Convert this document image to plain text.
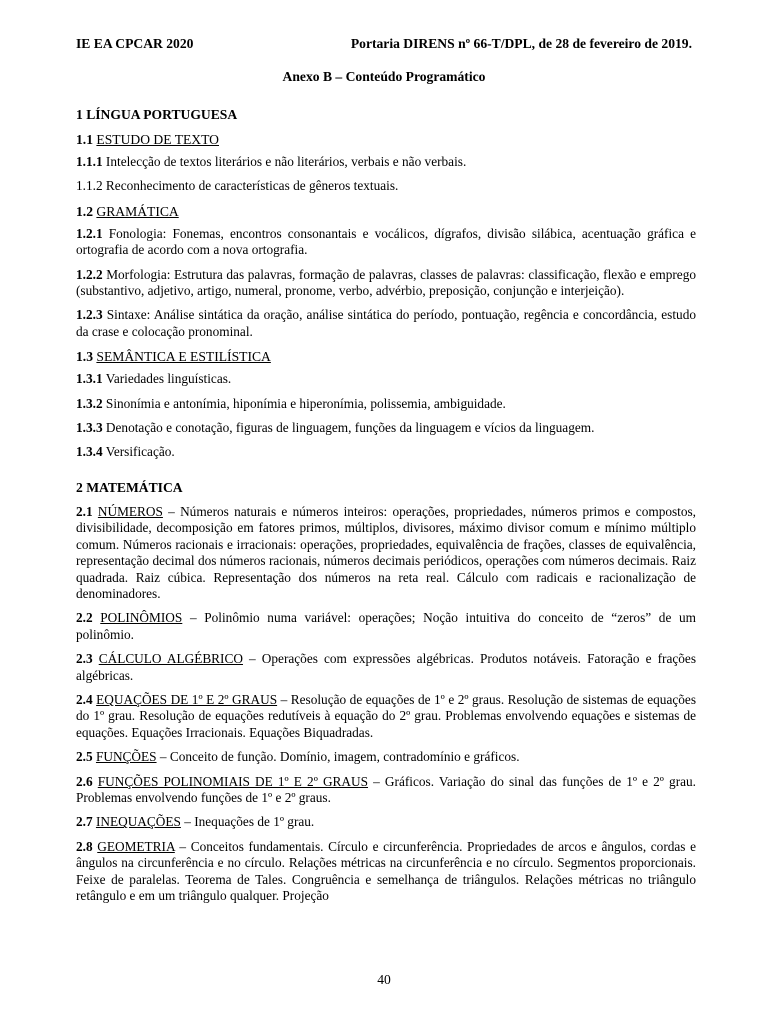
IE EA CPCAR 2020	Portaria DIRENS nº 66-T/DPL, de 28 de fevereiro de 2019.
Anexo B – Conteúdo Programático
1 LÍNGUA PORTUGUESA
1.1 ESTUDO DE TEXTO

1.1.1 Intelecção de textos literários e não literários, verbais e não verbais.

1.1.2 Reconhecimento de características de gêneros textuais.

1.2 GRAMÁTICA

1.2.1 Fonologia: Fonemas, encontros consonantais e vocálicos, dígrafos, divisão silábica, acentuação gráfica e ortografia de acordo com a nova ortografia.

1.2.2 Morfologia: Estrutura das palavras, formação de palavras, classes de palavras: classificação, flexão e emprego (substantivo, adjetivo, artigo, numeral, pronome, verbo, advérbio, preposição, conjunção e interjeição).

1.2.3 Sintaxe: Análise sintática da oração, análise sintática do período, pontuação, regência e concordância, estudo da crase e colocação pronominal.

1.3 SEMÂNTICA E ESTILÍSTICA

1.3.1 Variedades linguísticas.

1.3.2 Sinonímia e antonímia, hiponímia e hiperonímia, polissemia, ambiguidade.

1.3.3 Denotação e conotação, figuras de linguagem, funções da linguagem e vícios da linguagem.

1.3.4 Versificação.

2 MATEMÁTICA

2.1 NÚMEROS – Números naturais e números inteiros: operações, propriedades, números primos e compostos, divisibilidade, decomposição em fatores primos, múltiplos, divisores, máximo divisor comum e mínimo múltiplo comum. Números racionais e irracionais: operações, propriedades, equivalência de frações, classes de equivalência, representação decimal dos números racionais, números decimais periódicos, operações com números decimais. Raiz quadrada. Raiz cúbica. Representação dos números na reta real. Cálculo com radicais e racionalização de denominadores.

2.2 POLINÔMIOS – Polinômio numa variável: operações; Noção intuitiva do conceito de “zeros” de um polinômio.

2.3 CÁLCULO ALGÉBRICO – Operações com expressões algébricas. Produtos notáveis. Fatoração e frações algébricas.

2.4 EQUAÇÕES DE 1º E 2º GRAUS – Resolução de equações de 1º e 2º graus. Resolução de sistemas de equações do 1º grau. Resolução de equações redutíveis à equação do 2º grau. Problemas envolvendo equações e sistemas de equações. Equações Irracionais. Equações Biquadradas.

2.5 FUNÇÕES – Conceito de função. Domínio, imagem, contradomínio e gráficos.

2.6 FUNÇÕES POLINOMIAIS DE 1º E 2º GRAUS – Gráficos. Variação do sinal das funções de 1º e 2º grau. Problemas envolvendo funções de 1º e 2º graus.

2.7 INEQUAÇÕES – Inequações de 1º grau.

2.8 GEOMETRIA – Conceitos fundamentais. Círculo e circunferência. Propriedades de arcos e ângulos, cordas e ângulos na circunferência e no círculo. Relações métricas na circunferência e no círculo. Segmentos proporcionais. Feixe de paralelas. Teorema de Tales. Congruência e semelhança de triângulos. Relações métricas no triângulo retângulo e em um triângulo qualquer. Projeção

40
